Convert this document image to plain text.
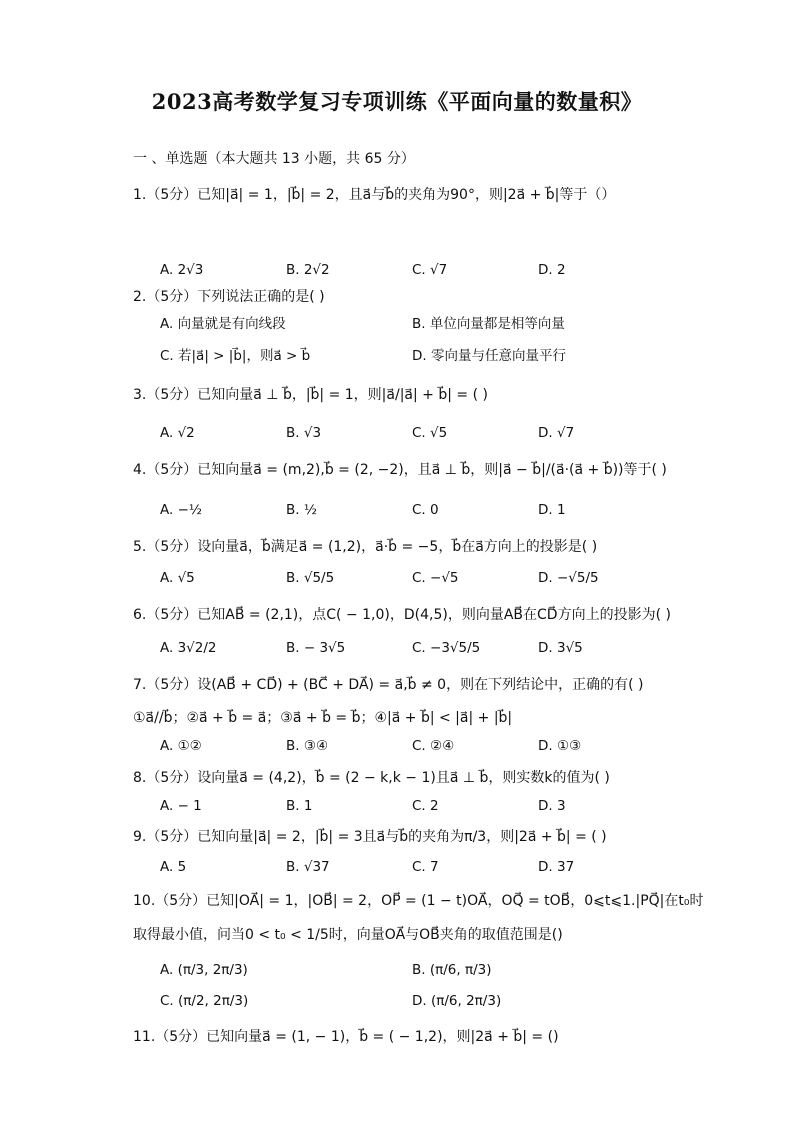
2023高考数学复习专项训练《平面向量的数量积》
一 、单选题（本大题共 13 小题，共 65 分）
1.（5分）已知|a⃗| = 1，|b⃗| = 2，且a⃗与b⃗的夹角为90°，则|2a⃗ + b⃗|等于（）
A. 2√3	B. 2√2	C. √7	D. 2
2.（5分）下列说法正确的是( )
A. 向量就是有向线段	B. 单位向量都是相等向量
C. 若|a⃗| > |b⃗|，则a⃗ > b⃗	D. 零向量与任意向量平行
3.（5分）已知向量a⃗ ⊥ b⃗，|b⃗| = 1，则|a⃗/|a⃗| + b⃗| = ( )
A. √2	B. √3	C. √5	D. √7
4.（5分）已知向量a⃗ = (m,2),b⃗ = (2, −2)，且a⃗ ⊥ b⃗，则|a⃗ − b⃗|/(a⃗·(a⃗ + b⃗))等于( )
A. −½	B. ½	C. 0	D. 1
5.（5分）设向量a⃗，b⃗满足a⃗ = (1,2)，a⃗·b⃗ = −5，b⃗在a⃗方向上的投影是( )
A. √5	B. √5/5	C. −√5	D. −√5/5
6.（5分）已知AB⃗ = (2,1)，点C( − 1,0)，D(4,5)，则向量AB⃗在CD⃗方向上的投影为( )
A. 3√2/2	B. − 3√5	C. −3√5/5	D. 3√5
7.（5分）设(AB⃗ + CD⃗) + (BC⃗ + DA⃗) = a⃗,b⃗ ≠ 0，则在下列结论中，正确的有( )
①a⃗//b⃗；②a⃗ + b⃗ = a⃗；③a⃗ + b⃗ = b⃗；④|a⃗ + b⃗| < |a⃗| + |b⃗|
A. ①②	B. ③④	C. ②④	D. ①③
8.（5分）设向量a⃗ = (4,2)，b⃗ = (2 − k,k − 1)且a⃗ ⊥ b⃗，则实数k的值为( )
A. − 1	B. 1	C. 2	D. 3
9.（5分）已知向量|a⃗| = 2，|b⃗| = 3且a⃗与b⃗的夹角为π/3，则|2a⃗ + b⃗| = ( )
A. 5	B. √37	C. 7	D. 37
10.（5分）已知|OA⃗| = 1，|OB⃗| = 2，OP⃗ = (1 − t)OA⃗，OQ⃗ = tOB⃗，0⩽t⩽1.|PQ⃗|在t₀时
取得最小值，问当0 < t₀ < 1/5时，向量OA⃗与OB⃗夹角的取值范围是()
A. (π/3, 2π/3)	B. (π/6, π/3)
C. (π/2, 2π/3)	D. (π/6, 2π/3)
11.（5分）已知向量a⃗ = (1, − 1)，b⃗ = ( − 1,2)，则|2a⃗ + b⃗| = ()
